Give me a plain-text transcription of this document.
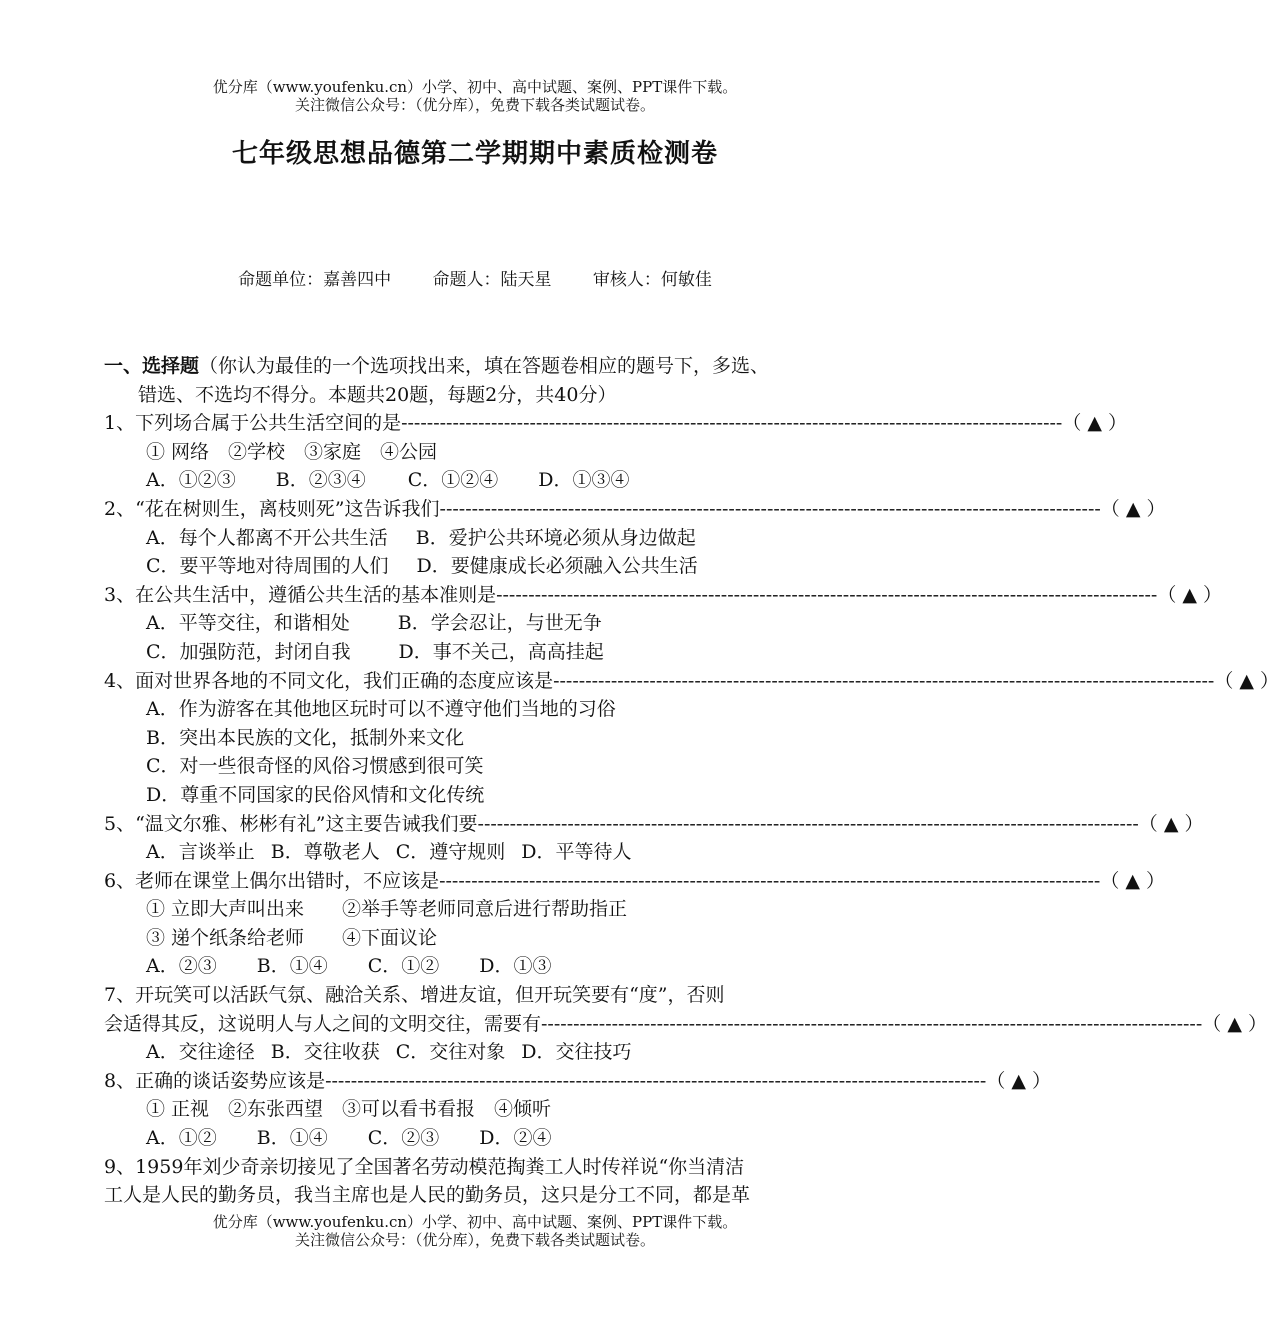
优分库（www.youfenku.cn）小学、初中、高中试题、案例、PPT课件下载。
关注微信公众号：（优分库），免费下载各类试题试卷。
七年级思想品德第二学期期中素质检测卷
命题单位：嘉善四中 命题人：陆天星 审核人：何敏佳
一、选择题（你认为最佳的一个选项找出来，填在答题卷相应的题号下，多选、
错选、不选均不得分。本题共20题，每题2分，共40分）
1、下列场合属于公共生活空间的是 ------------------------------------------------------------------------------------------------------- （ ▲ ）
① 网络　②学校　③家庭　④公园
A．①②③ B．②③④ C．①②④ D．①③④
2、“花在树则生，离枝则死”这告诉我们 ------------------------------------------------------------------------------------------------------- （ ▲ ）
A．每个人都离不开公共生活 B．爱护公共环境必须从身边做起
C．要平等地对待周围的人们 D．要健康成长必须融入公共生活
3、在公共生活中，遵循公共生活的基本准则是 ------------------------------------------------------------------------------------------------------- （ ▲ ）
A．平等交往，和谐相处	B．学会忍让，与世无争
C．加强防范，封闭自我	D．事不关己，高高挂起
4、面对世界各地的不同文化，我们正确的态度应该是 ------------------------------------------------------------------------------------------------------- （ ▲ ）
A．作为游客在其他地区玩时可以不遵守他们当地的习俗
B．突出本民族的文化，抵制外来文化
C．对一些很奇怪的风俗习惯感到很可笑
D．尊重不同国家的民俗风情和文化传统
5、“温文尔雅、彬彬有礼”这主要告诫我们要 ------------------------------------------------------------------------------------------------------- （ ▲ ）
A．言谈举止 B．尊敬老人 C．遵守规则 D．平等待人
6、老师在课堂上偶尔出错时，不应该是 ------------------------------------------------------------------------------------------------------- （ ▲ ）
① 立即大声叫出来　　②举手等老师同意后进行帮助指正
③ 递个纸条给老师　　④下面议论
A．②③ B．①④ C．①② D．①③
7、开玩笑可以活跃气氛、融洽关系、增进友谊，但开玩笑要有“度”，否则
会适得其反，这说明人与人之间的文明交往，需要有 ------------------------------------------------------------------------------------------------------- （ ▲ ）
A．交往途径 B．交往收获 C．交往对象 D．交往技巧
8、正确的谈话姿势应该是 ------------------------------------------------------------------------------------------------------- （ ▲ ）
① 正视　②东张西望　③可以看书看报　④倾听
A．①② B．①④ C．②③ D．②④
9、1959年刘少奇亲切接见了全国著名劳动模范掏粪工人时传祥说“你当清洁
工人是人民的勤务员，我当主席也是人民的勤务员，这只是分工不同，都是革
优分库（www.youfenku.cn）小学、初中、高中试题、案例、PPT课件下载。
关注微信公众号：（优分库），免费下载各类试题试卷。
